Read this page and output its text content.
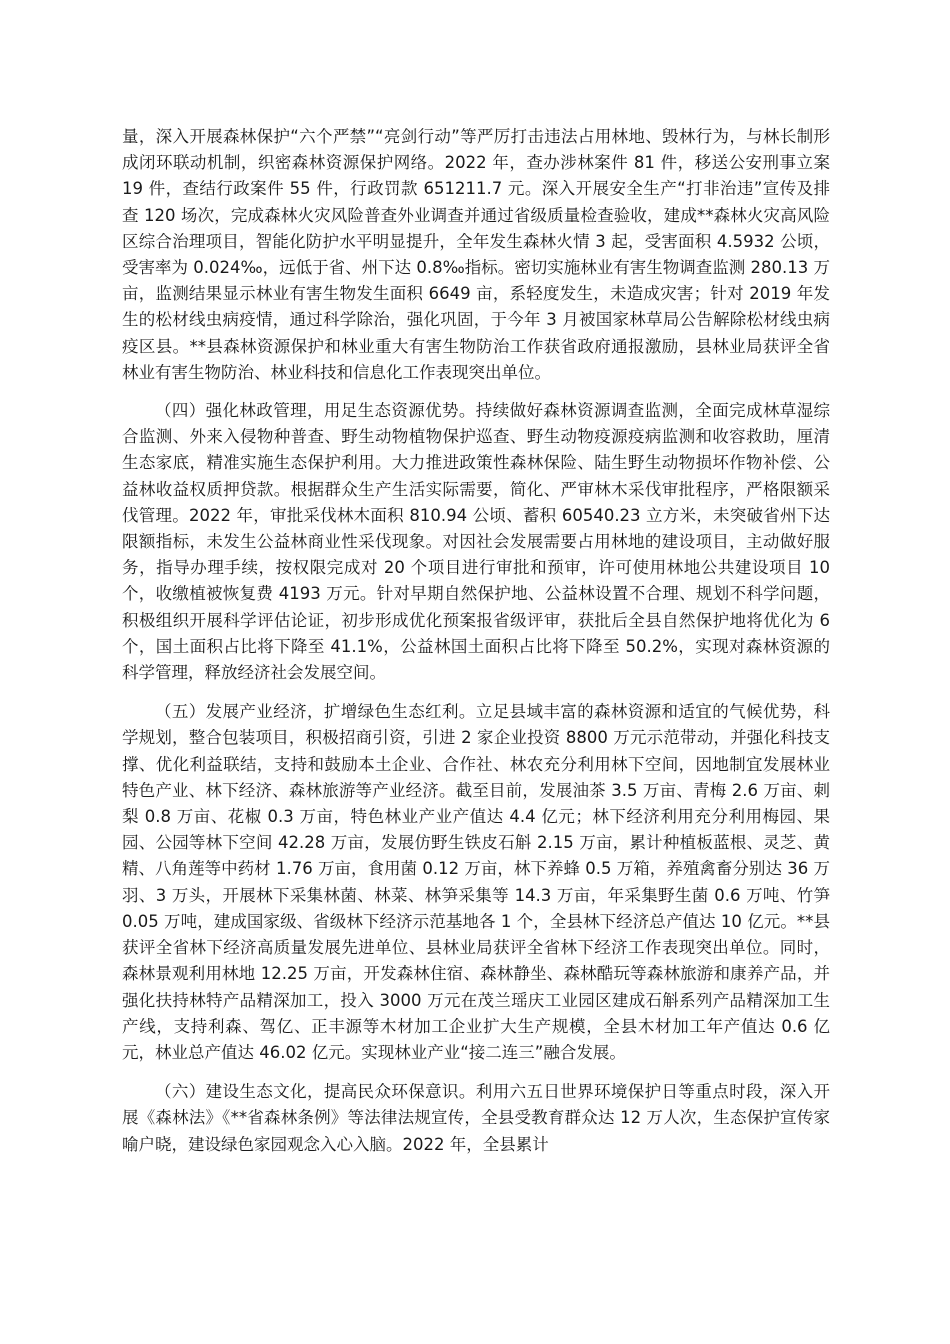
量，深入开展森林保护“六个严禁”“亮剑行动”等严厉打击违法占用林地、毁林行为，与林长制形成闭环联动机制，织密森林资源保护网络。2022 年，查办涉林案件 81 件，移送公安刑事立案 19 件，查结行政案件 55 件，行政罚款 651211.7 元。深入开展安全生产“打非治违”宣传及排查 120 场次，完成森林火灾风险普查外业调查并通过省级质量检查验收，建成**森林火灾高风险区综合治理项目，智能化防护水平明显提升，全年发生森林火情 3 起，受害面积 4.5932 公顷，受害率为 0.024‰，远低于省、州下达 0.8‰指标。密切实施林业有害生物调查监测 280.13 万亩，监测结果显示林业有害生物发生面积 6649 亩，系轻度发生，未造成灾害；针对 2019 年发生的松材线虫病疫情，通过科学除治，强化巩固，于今年 3 月被国家林草局公告解除松材线虫病疫区县。**县森林资源保护和林业重大有害生物防治工作获省政府通报激励，县林业局获评全省林业有害生物防治、林业科技和信息化工作表现突出单位。

（四）强化林政管理，用足生态资源优势。持续做好森林资源调查监测，全面完成林草湿综合监测、外来入侵物种普查、野生动物植物保护巡查、野生动物疫源疫病监测和收容救助，厘清生态家底，精准实施生态保护利用。大力推进政策性森林保险、陆生野生动物损坏作物补偿、公益林收益权质押贷款。根据群众生产生活实际需要，简化、严审林木采伐审批程序，严格限额采伐管理。2022 年，审批采伐林木面积 810.94 公顷、蓄积 60540.23 立方米，未突破省州下达限额指标，未发生公益林商业性采伐现象。对因社会发展需要占用林地的建设项目，主动做好服务，指导办理手续，按权限完成对 20 个项目进行审批和预审，许可使用林地公共建设项目 10 个，收缴植被恢复费 4193 万元。针对早期自然保护地、公益林设置不合理、规划不科学问题，积极组织开展科学评估论证，初步形成优化预案报省级评审，获批后全县自然保护地将优化为 6 个，国土面积占比将下降至 41.1%，公益林国土面积占比将下降至 50.2%，实现对森林资源的科学管理，释放经济社会发展空间。

（五）发展产业经济，扩增绿色生态红利。立足县域丰富的森林资源和适宜的气候优势，科学规划，整合包装项目，积极招商引资，引进 2 家企业投资 8800 万元示范带动，并强化科技支撑、优化利益联结，支持和鼓励本土企业、合作社、林农充分利用林下空间，因地制宜发展林业特色产业、林下经济、森林旅游等产业经济。截至目前，发展油茶 3.5 万亩、青梅 2.6 万亩、刺梨 0.8 万亩、花椒 0.3 万亩，特色林业产业产值达 4.4 亿元；林下经济利用充分利用梅园、果园、公园等林下空间 42.28 万亩，发展仿野生铁皮石斛 2.15 万亩，累计种植板蓝根、灵芝、黄精、八角莲等中药材 1.76 万亩，食用菌 0.12 万亩，林下养蜂 0.5 万箱，养殖禽畜分别达 36 万羽、3 万头，开展林下采集林菌、林菜、林笋采集等 14.3 万亩，年采集野生菌 0.6 万吨、竹笋 0.05 万吨，建成国家级、省级林下经济示范基地各 1 个，全县林下经济总产值达 10 亿元。**县获评全省林下经济高质量发展先进单位、县林业局获评全省林下经济工作表现突出单位。同时，森林景观利用林地 12.25 万亩，开发森林住宿、森林静坐、森林酷玩等森林旅游和康养产品，并强化扶持林特产品精深加工，投入 3000 万元在茂兰瑶庆工业园区建成石斛系列产品精深加工生产线，支持利森、驾亿、正丰源等木材加工企业扩大生产规模，全县木材加工年产值达 0.6 亿元，林业总产值达 46.02 亿元。实现林业产业“接二连三”融合发展。

（六）建设生态文化，提高民众环保意识。利用六五日世界环境保护日等重点时段，深入开展《森林法》《**省森林条例》等法律法规宣传，全县受教育群众达 12 万人次，生态保护宣传家喻户晓，建设绿色家园观念入心入脑。2022 年，全县累计
